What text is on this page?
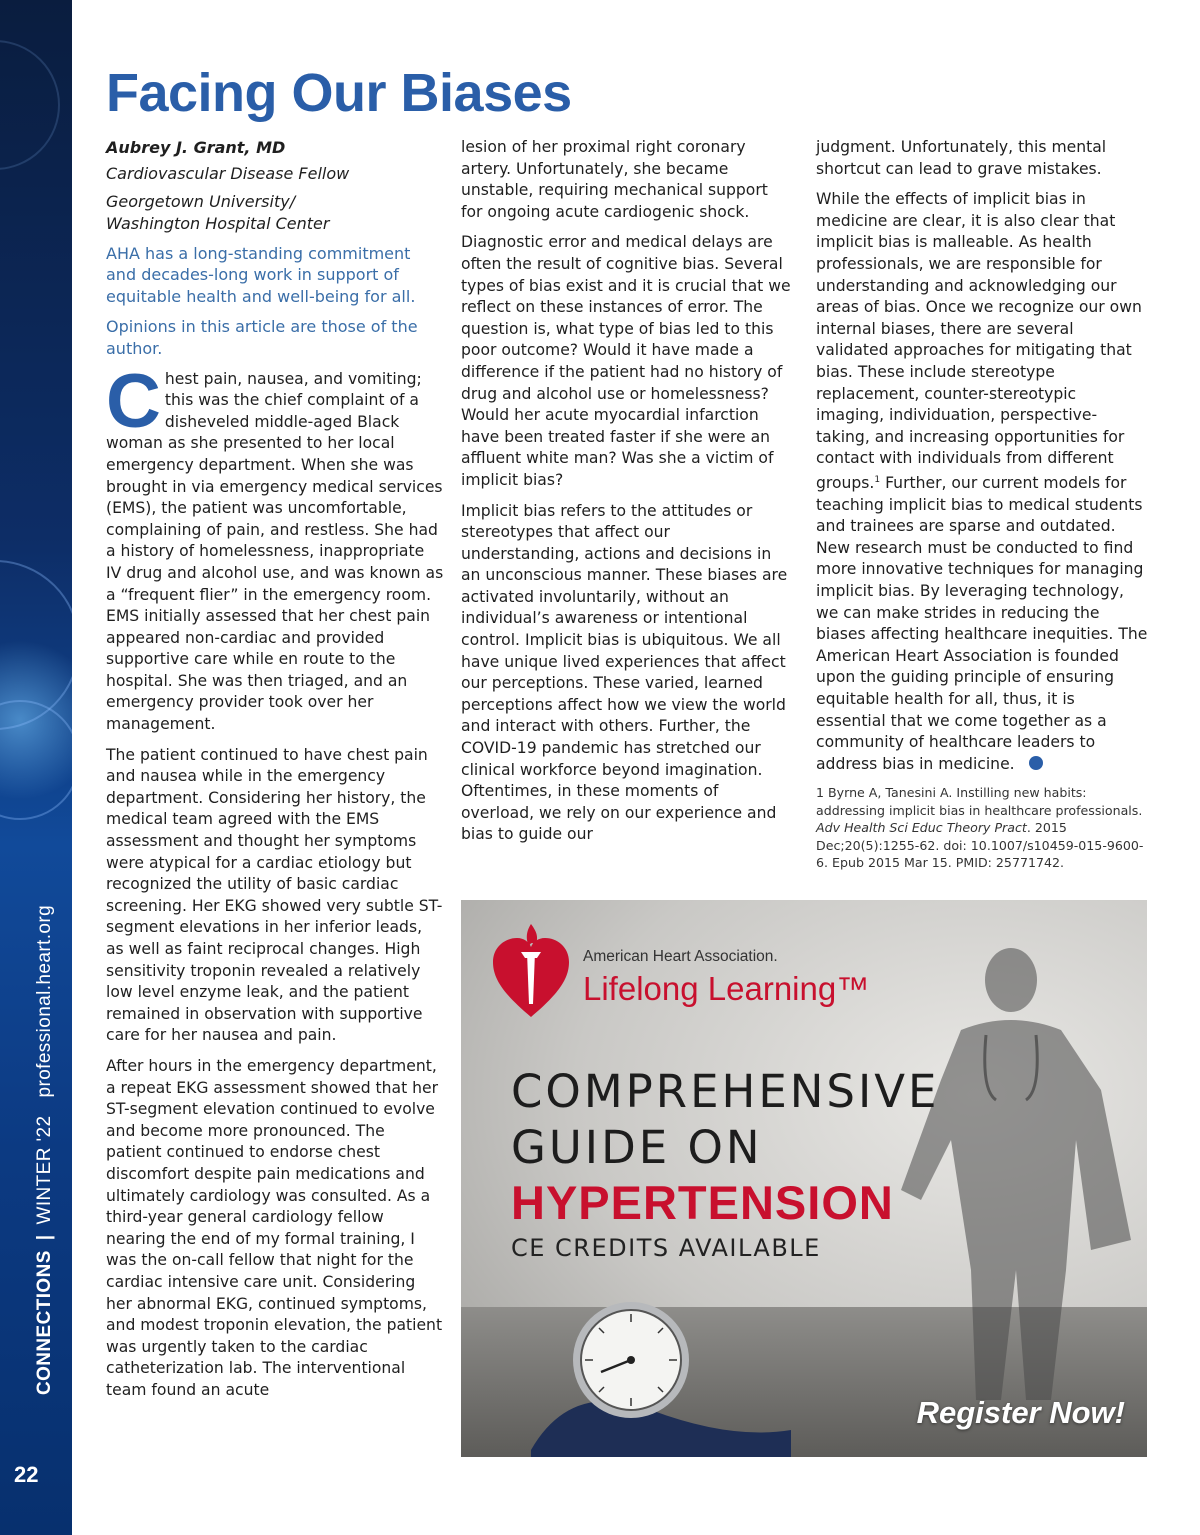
CONNECTIONS|WINTER '22professional.heart.org
22
Facing Our Biases
Aubrey J. Grant, MD
Cardiovascular Disease Fellow
Georgetown University/
Washington Hospital Center

AHA has a long-standing commitment and decades-long work in support of equitable health and well-being for all.

Opinions in this article are those of the author.

Chest pain, nausea, and vomiting; this was the chief complaint of a disheveled middle-aged Black woman as she presented to her local emergency department. When she was brought in via emergency medical services (EMS), the patient was uncomfortable, complaining of pain, and restless. She had a history of homelessness, inappropriate IV drug and alcohol use, and was known as a “frequent flier” in the emergency room. EMS initially assessed that her chest pain appeared non-cardiac and provided supportive care while en route to the hospital. She was then triaged, and an emergency provider took over her management.

The patient continued to have chest pain and nausea while in the emergency department. Considering her history, the medical team agreed with the EMS assessment and thought her symptoms were atypical for a cardiac etiology but recognized the utility of basic cardiac screening. Her EKG showed very subtle ST-segment elevations in her inferior leads, as well as faint reciprocal changes. High sensitivity troponin revealed a relatively low level enzyme leak, and the patient remained in observation with supportive care for her nausea and pain.

After hours in the emergency department, a repeat EKG assessment showed that her ST-segment elevation continued to evolve and become more pronounced. The patient continued to endorse chest discomfort despite pain medications and ultimately cardiology was consulted. As a third-year general cardiology fellow nearing the end of my formal training, I was the on-call fellow that night for the cardiac intensive care unit. Considering her abnormal EKG, continued symptoms, and modest troponin elevation, the patient was urgently taken to the cardiac catheterization lab. The interventional team found an acute

lesion of her proximal right coronary artery. Unfortunately, she became unstable, requiring mechanical support for ongoing acute cardiogenic shock.

Diagnostic error and medical delays are often the result of cognitive bias. Several types of bias exist and it is crucial that we reflect on these instances of error. The question is, what type of bias led to this poor outcome? Would it have made a difference if the patient had no history of drug and alcohol use or homelessness? Would her acute myocardial infarction have been treated faster if she were an affluent white man? Was she a victim of implicit bias?

Implicit bias refers to the attitudes or stereotypes that affect our understanding, actions and decisions in an unconscious manner. These biases are activated involuntarily, without an individual’s awareness or intentional control. Implicit bias is ubiquitous. We all have unique lived experiences that affect our perceptions. These varied, learned perceptions affect how we view the world and interact with others. Further, the COVID-19 pandemic has stretched our clinical workforce beyond imagination. Oftentimes, in these moments of overload, we rely on our experience and bias to guide our

judgment. Unfortunately, this mental shortcut can lead to grave mistakes.

While the effects of implicit bias in medicine are clear, it is also clear that implicit bias is malleable. As health professionals, we are responsible for understanding and acknowledging our areas of bias. Once we recognize our own internal biases, there are several validated approaches for mitigating that bias. These include stereotype replacement, counter-stereotypic imaging, individuation, perspective-taking, and increasing opportunities for contact with individuals from different groups.$^1$ Further, our current models for teaching implicit bias to medical students and trainees are sparse and outdated. New research must be conducted to find more innovative techniques for managing implicit bias. By leveraging technology, we can make strides in reducing the biases affecting healthcare inequities. The American Heart Association is founded upon the guiding principle of ensuring equitable health for all, thus, it is essential that we come together as a community of healthcare leaders to address bias in medicine.

1 Byrne A, Tanesini A. Instilling new habits: addressing implicit bias in healthcare professionals. Adv Health Sci Educ Theory Pract. 2015 Dec;20(5):1255-62. doi: 10.1007/s10459-015-9600-6. Epub 2015 Mar 15. PMID: 25771742.
American Heart Association.
Lifelong Learning™
COMPREHENSIVE
GUIDE ON
HYPERTENSION
CE CREDITS AVAILABLE
Register Now!
